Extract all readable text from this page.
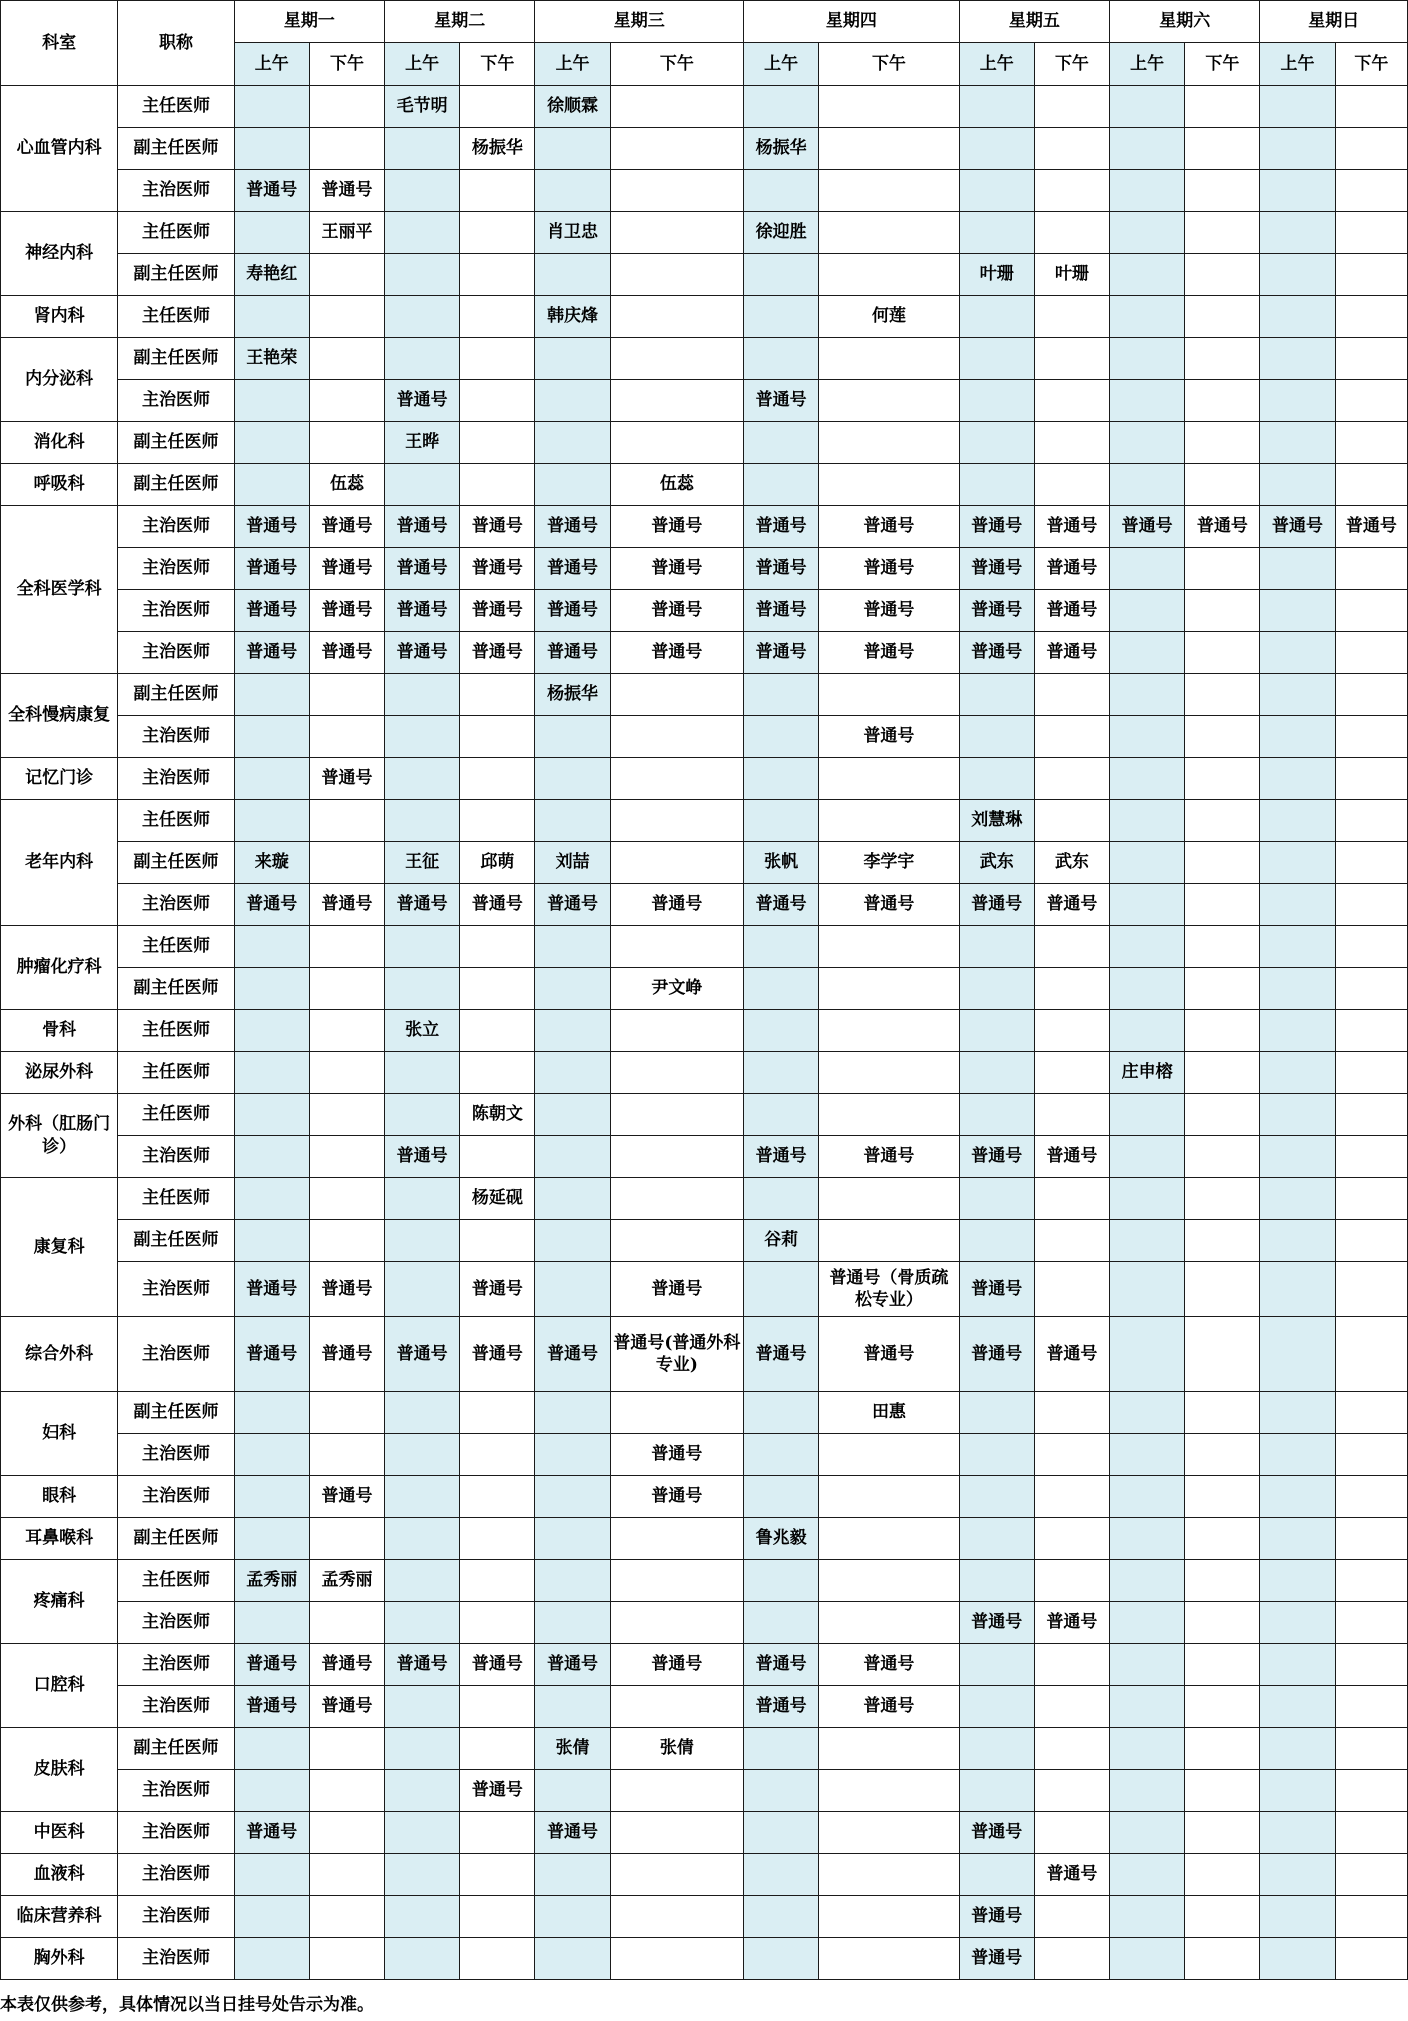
科室	职称	星期一		星期二		星期三		星期四		星期五		星期六		星期日	
		上午	下午	上午	下午	上午	下午	上午	下午	上午	下午	上午	下午	上午	下午
心血管内科	主任医师			毛节明		徐顺霖									
	副主任医师				杨振华			杨振华							
	主治医师	普通号	普通号												
神经内科	主任医师		王丽平			肖卫忠		徐迎胜							
	副主任医师	寿艳红								叶珊	叶珊				
肾内科	主任医师					韩庆烽			何莲						
内分泌科	副主任医师	王艳荣													
	主治医师			普通号				普通号							
消化科	副主任医师			王晔											
呼吸科	副主任医师		伍蕊				伍蕊								
全科医学科	主治医师	普通号	普通号	普通号	普通号	普通号	普通号	普通号	普通号	普通号	普通号	普通号	普通号	普通号	普通号
	主治医师	普通号	普通号	普通号	普通号	普通号	普通号	普通号	普通号	普通号	普通号				
	主治医师	普通号	普通号	普通号	普通号	普通号	普通号	普通号	普通号	普通号	普通号				
	主治医师	普通号	普通号	普通号	普通号	普通号	普通号	普通号	普通号	普通号	普通号				
全科慢病康复	副主任医师					杨振华									
	主治医师								普通号						
记忆门诊	主治医师		普通号												
老年内科	主任医师									刘慧琳					
	副主任医师	来璇		王征	邱萌	刘喆		张帆	李学宇	武东	武东				
	主治医师	普通号	普通号	普通号	普通号	普通号	普通号	普通号	普通号	普通号	普通号				
肿瘤化疗科	主任医师														
	副主任医师						尹文峥								
骨科	主任医师			张立											
泌尿外科	主任医师											庄申榕			
外科（肛肠门诊）	主任医师				陈朝文										
	主治医师			普通号				普通号	普通号	普通号	普通号				
康复科	主任医师				杨延砚										
	副主任医师							谷莉							
	主治医师	普通号	普通号		普通号		普通号		普通号（骨质疏松专业）	普通号					
综合外科	主治医师	普通号	普通号	普通号	普通号	普通号	普通号(普通外科专业)	普通号	普通号	普通号	普通号				
妇科	副主任医师								田惠						
	主治医师						普通号								
眼科	主治医师		普通号				普通号								
耳鼻喉科	副主任医师							鲁兆毅							
疼痛科	主任医师	孟秀丽	孟秀丽												
	主治医师									普通号	普通号				
口腔科	主治医师	普通号	普通号	普通号	普通号	普通号	普通号	普通号	普通号						
	主治医师	普通号	普通号					普通号	普通号						
皮肤科	副主任医师					张倩	张倩								
	主治医师				普通号										
中医科	主治医师	普通号				普通号				普通号					
血液科	主治医师										普通号				
临床营养科	主治医师									普通号					
胸外科	主治医师									普通号					
本表仅供参考，具体情况以当日挂号处告示为准。
